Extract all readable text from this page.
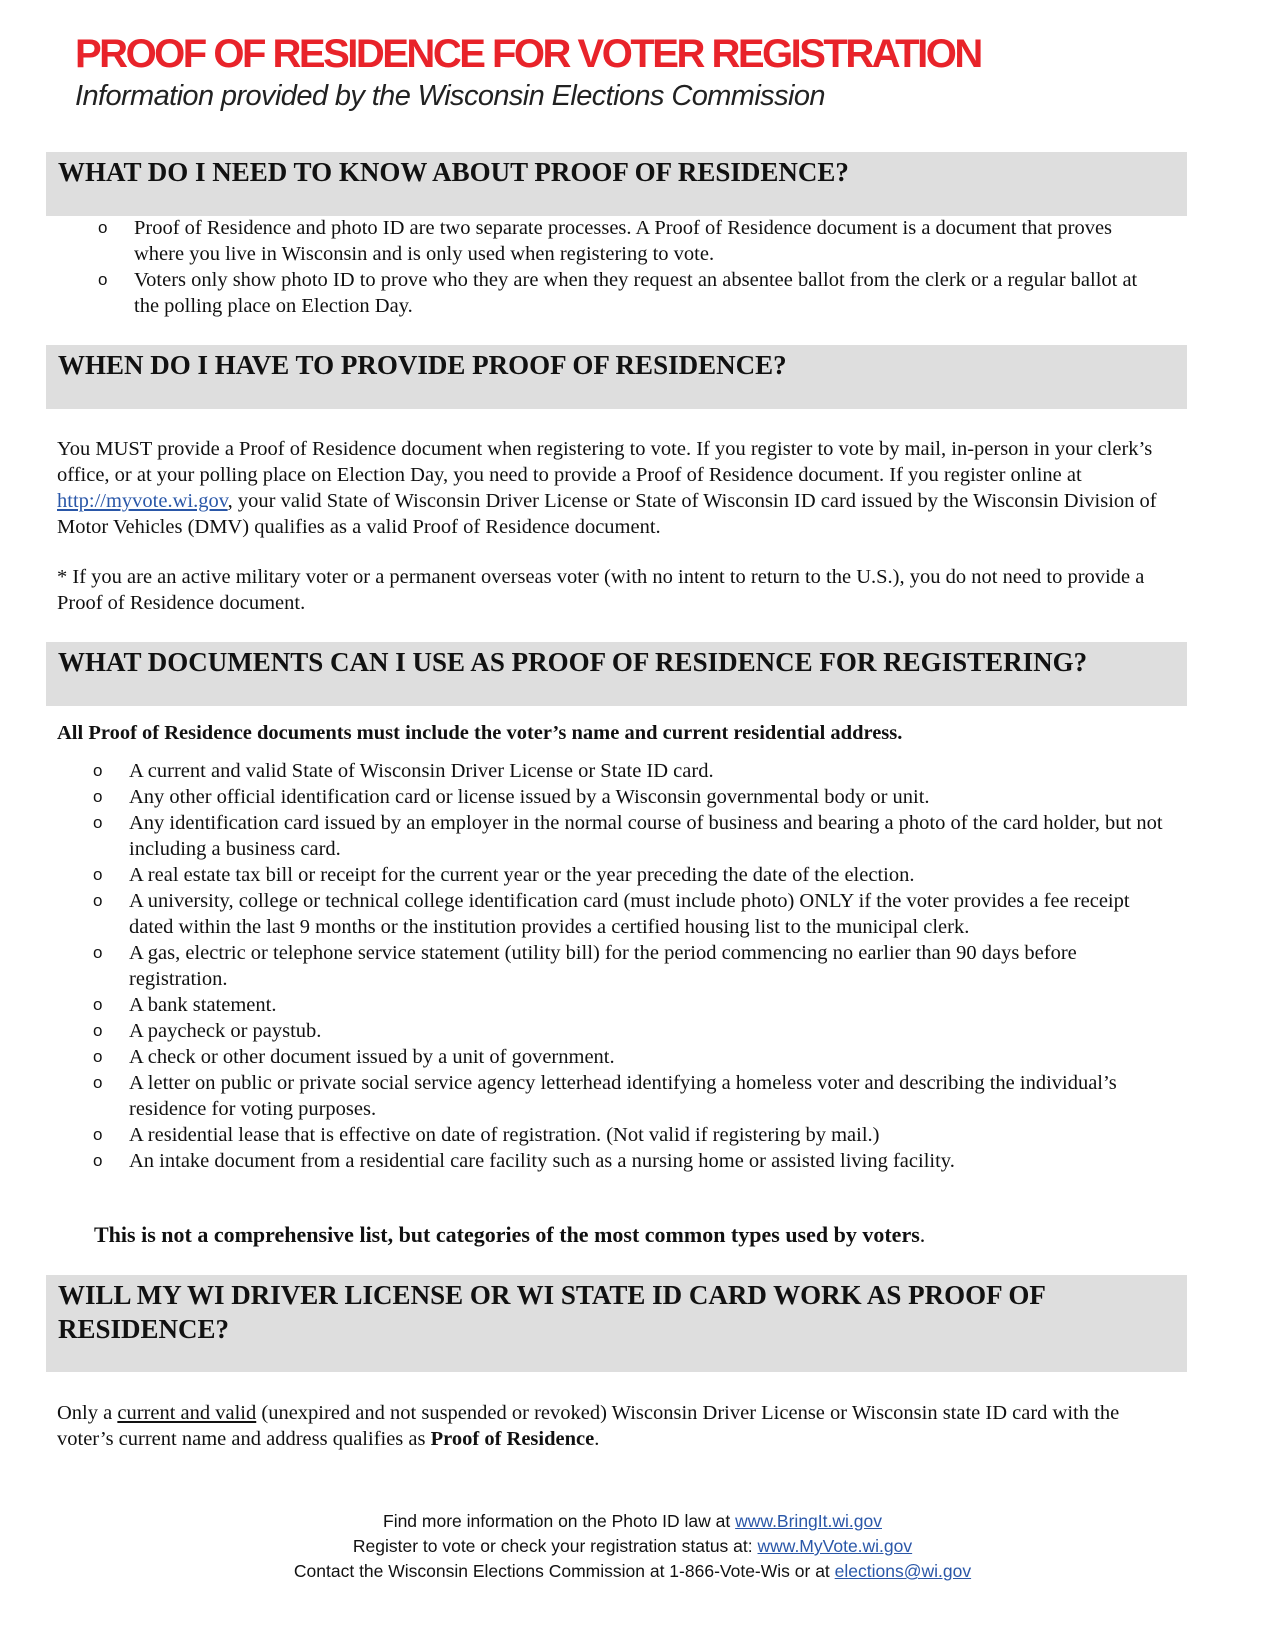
PROOF OF RESIDENCE FOR VOTER REGISTRATION
Information provided by the Wisconsin Elections Commission
WHAT DO I NEED TO KNOW ABOUT PROOF OF RESIDENCE?
o Proof of Residence and photo ID are two separate processes. A Proof of Residence document is a document that proves where you live in Wisconsin and is only used when registering to vote.
o Voters only show photo ID to prove who they are when they request an absentee ballot from the clerk or a regular ballot at the polling place on Election Day.
WHEN DO I HAVE TO PROVIDE PROOF OF RESIDENCE?

You MUST provide a Proof of Residence document when registering to vote. If you register to vote by mail, in-person in your clerk’s office, or at your polling place on Election Day, you need to provide a Proof of Residence document. If you register online at http://myvote.wi.gov, your valid State of Wisconsin Driver License or State of Wisconsin ID card issued by the Wisconsin Division of Motor Vehicles (DMV) qualifies as a valid Proof of Residence document.

* If you are an active military voter or a permanent overseas voter (with no intent to return to the U.S.), you do not need to provide a Proof of Residence document.

WHAT DOCUMENTS CAN I USE AS PROOF OF RESIDENCE FOR REGISTERING?

All Proof of Residence documents must include the voter’s name and current residential address.

o A current and valid State of Wisconsin Driver License or State ID card.
o Any other official identification card or license issued by a Wisconsin governmental body or unit.
o Any identification card issued by an employer in the normal course of business and bearing a photo of the card holder, but not including a business card.
o A real estate tax bill or receipt for the current year or the year preceding the date of the election.
o A university, college or technical college identification card (must include photo) ONLY if the voter provides a fee receipt dated within the last 9 months or the institution provides a certified housing list to the municipal clerk.
o A gas, electric or telephone service statement (utility bill) for the period commencing no earlier than 90 days before registration.
o A bank statement.
o A paycheck or paystub.
o A check or other document issued by a unit of government.
o A letter on public or private social service agency letterhead identifying a homeless voter and describing the individual’s residence for voting purposes.
o A residential lease that is effective on date of registration. (Not valid if registering by mail.)
o An intake document from a residential care facility such as a nursing home or assisted living facility.

This is not a comprehensive list, but categories of the most common types used by voters.

WILL MY WI DRIVER LICENSE OR WI STATE ID CARD WORK AS PROOF OF RESIDENCE?

Only a current and valid (unexpired and not suspended or revoked) Wisconsin Driver License or Wisconsin state ID card with the voter’s current name and address qualifies as Proof of Residence.

Find more information on the Photo ID law at www.BringIt.wi.gov
Register to vote or check your registration status at: www.MyVote.wi.gov
Contact the Wisconsin Elections Commission at 1-866-Vote-Wis or at elections@wi.gov
